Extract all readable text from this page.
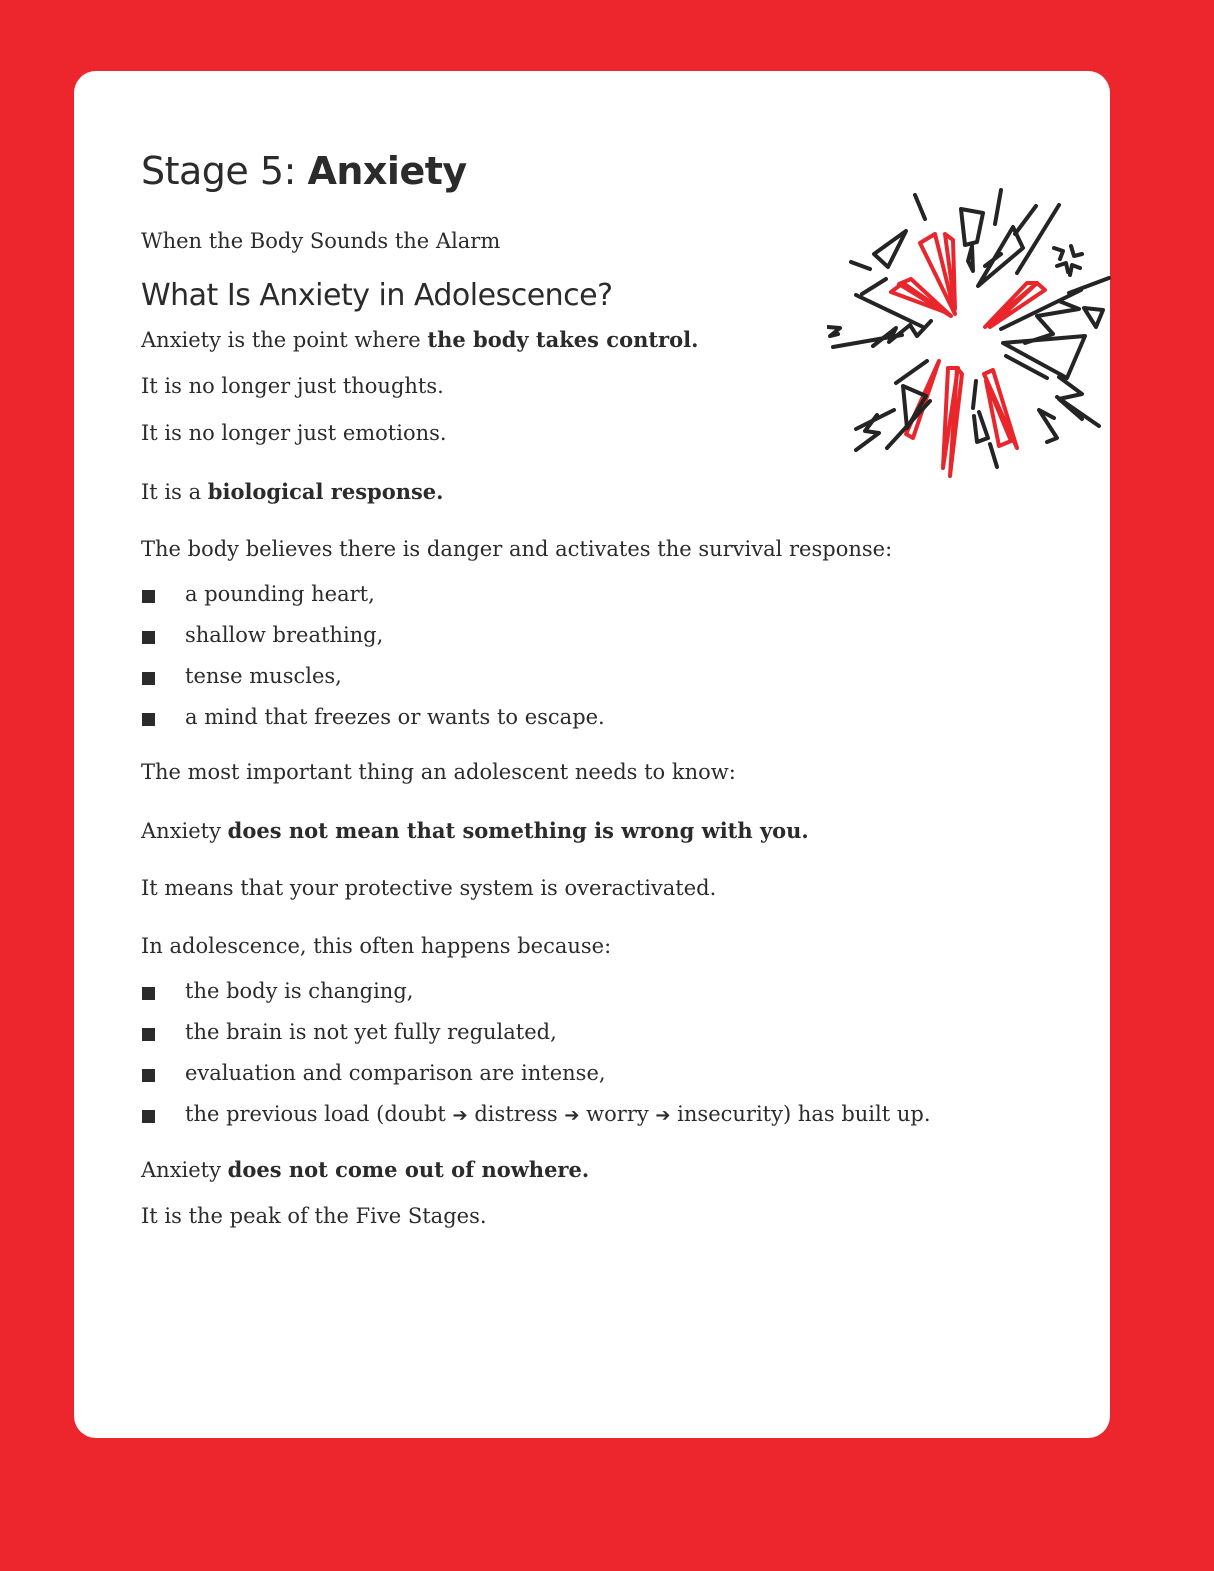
Stage 5: Anxiety
When the Body Sounds the Alarm
What Is Anxiety in Adolescence?
Anxiety is the point where the body takes control.
It is no longer just thoughts.
It is no longer just emotions.
It is a biological response.
The body believes there is danger and activates the survival response:
a pounding heart,
shallow breathing,
tense muscles,
a mind that freezes or wants to escape.
The most important thing an adolescent needs to know:
Anxiety does not mean that something is wrong with you.
It means that your protective system is overactivated.
In adolescence, this often happens because:
the body is changing,
the brain is not yet fully regulated,
evaluation and comparison are intense,
the previous load (doubt ➔ distress ➔ worry ➔ insecurity) has built up.
Anxiety does not come out of nowhere.
It is the peak of the Five Stages.
